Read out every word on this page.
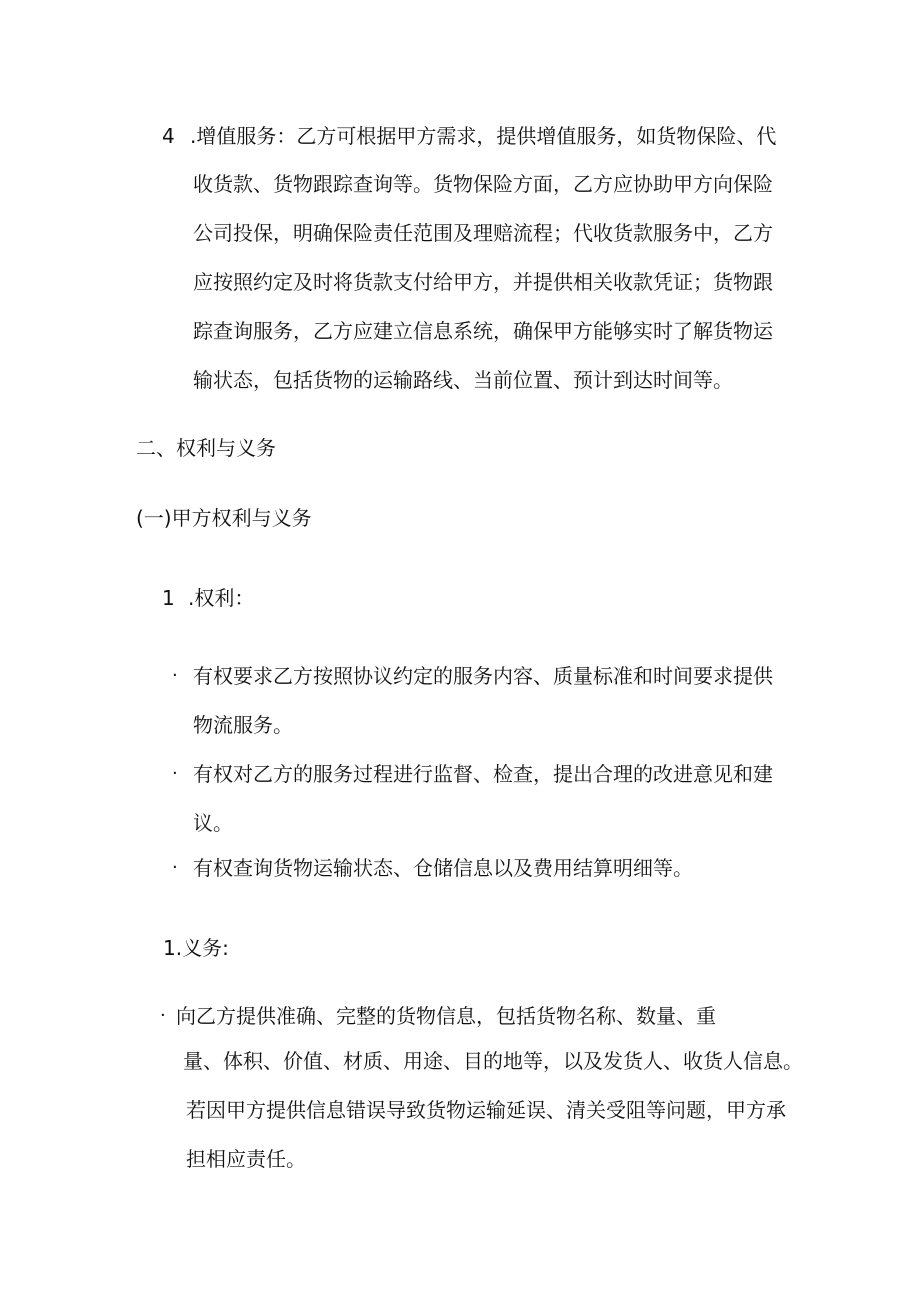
4 .增值服务：乙方可根据甲方需求，提供增值服务，如货物保险、代
收货款、货物跟踪查询等。货物保险方面，乙方应协助甲方向保险
公司投保，明确保险责任范围及理赔流程；代收货款服务中，乙方
应按照约定及时将货款支付给甲方，并提供相关收款凭证；货物跟
踪查询服务，乙方应建立信息系统，确保甲方能够实时了解货物运
输状态，包括货物的运输路线、当前位置、预计到达时间等。
二、权利与义务
(一)甲方权利与义务
1 .权利：
· 有权要求乙方按照协议约定的服务内容、质量标准和时间要求提供
物流服务。
· 有权对乙方的服务过程进行监督、检查，提出合理的改进意见和建
议。
· 有权查询货物运输状态、仓储信息以及费用结算明细等。
1.义务:
· 向乙方提供准确、完整的货物信息，包括货物名称、数量、重
量、体积、价值、材质、用途、目的地等，以及发货人、收货人信息。
若因甲方提供信息错误导致货物运输延误、清关受阻等问题，甲方承
担相应责任。
